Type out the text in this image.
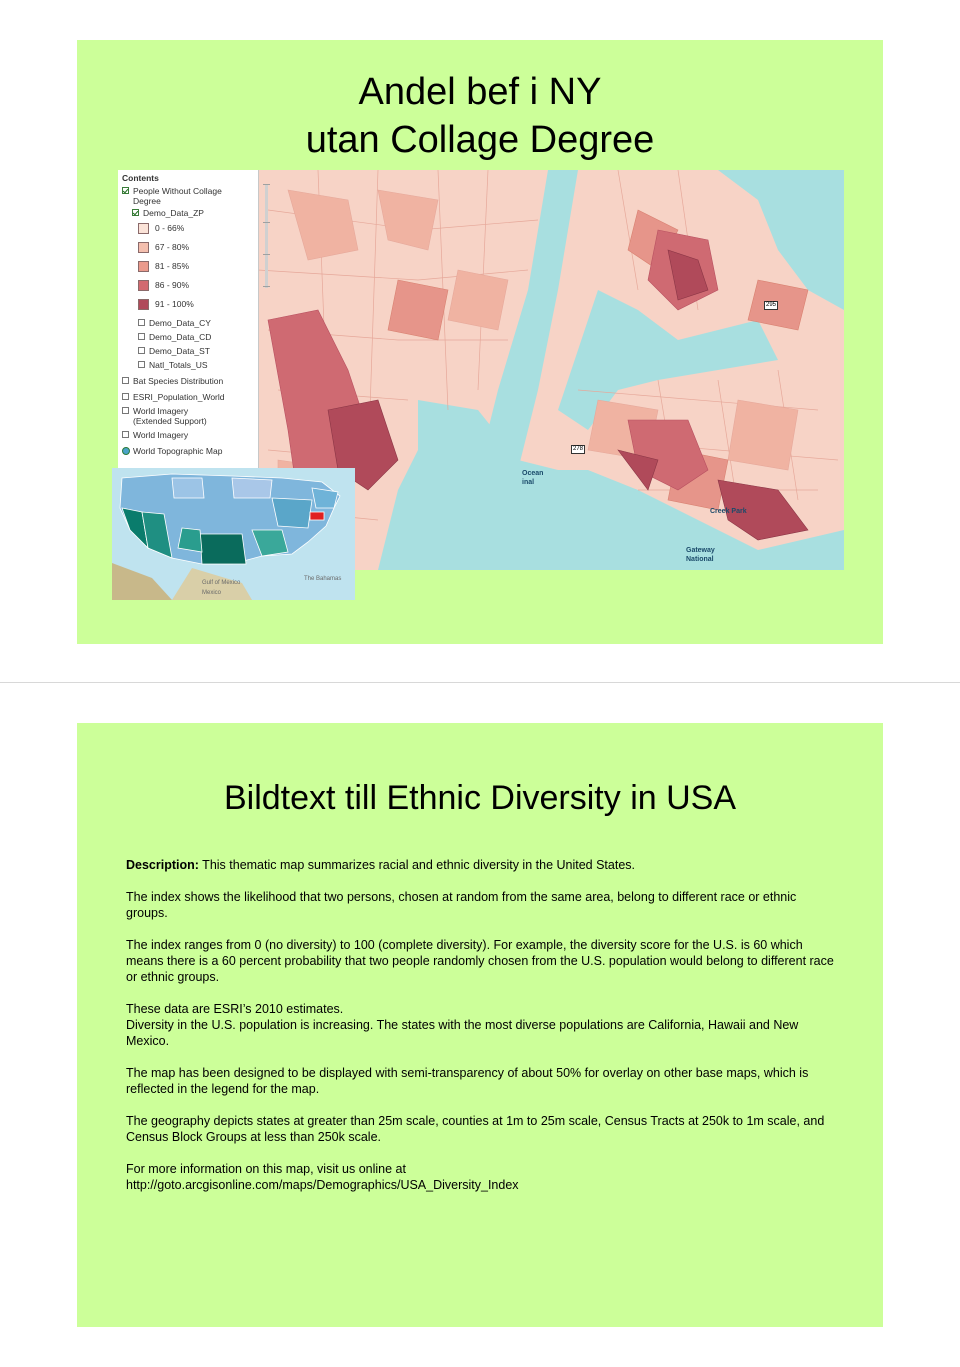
Andel bef i NY
utan Collage Degree
Ocean
inal
Creek Park
Gateway
National
295
278
Contents
People Without Collage Degree
Demo_Data_ZP
0 - 66%
67 - 80%
81 - 85%
86 - 90%
91 - 100%
Demo_Data_CY
Demo_Data_CD
Demo_Data_ST
Natl_Totals_US
Bat Species Distribution
ESRI_Population_World
World Imagery (Extended Support)
World Imagery
World Topographic Map
Gulf of Mexico
Mexico
The Bahamas
Bildtext till Ethnic Diversity in USA

Description: This thematic map summarizes racial and ethnic diversity in the United States.

The index shows the likelihood that two persons, chosen at random from the same area, belong to different race or ethnic groups.

The index ranges from 0 (no diversity) to 100 (complete diversity). For example, the diversity score for the U.S. is 60 which means there is a 60 percent probability that two people randomly chosen from the U.S. population would belong to different race or ethnic groups.

These data are ESRI’s 2010 estimates.
Diversity in the U.S. population is increasing. The states with the most diverse populations are California, Hawaii and New Mexico.

The map has been designed to be displayed with semi-transparency of about 50% for overlay on other base maps, which is reflected in the legend for the map.

The geography depicts states at greater than 25m scale, counties at 1m to 25m scale, Census Tracts at 250k to 1m scale, and Census Block Groups at less than 250k scale.

For more information on this map, visit us online at
http://goto.arcgisonline.com/maps/Demographics/USA_Diversity_Index
